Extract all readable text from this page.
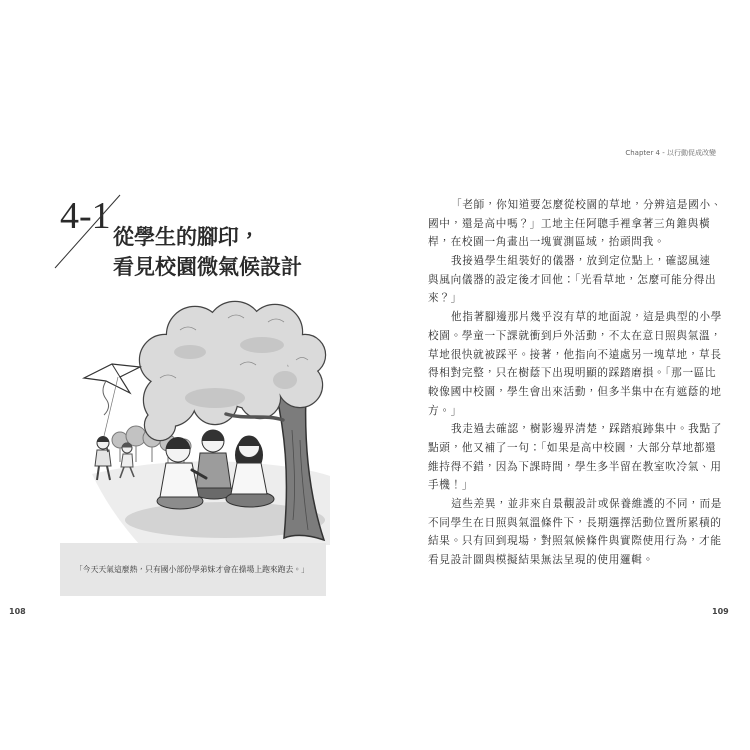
4-1 從學生的腳印，
看見校園微氣候設計
「今天天氣這麼熱，只有國小部份學弟妹才會在操場上跑來跑去。」
108
Chapter 4 - 以行動促成改變
「老師，你知道要怎麼從校園的草地，分辨這是國小、
國中，還是高中嗎？」工地主任阿聰手裡拿著三角錐與橫
桿，在校園一角畫出一塊實測區域，抬頭問我。
我接過學生組裝好的儀器，放到定位點上，確認風速
與風向儀器的設定後才回他：「光看草地，怎麼可能分得出
來？」
他指著腳邊那片幾乎沒有草的地面說，這是典型的小學
校園。學童一下課就衝到戶外活動，不太在意日照與氣溫，
草地很快就被踩平。接著，他指向不遠處另一塊草地，草長
得相對完整，只在樹蔭下出現明顯的踩踏磨損。「那一區比
較像國中校園，學生會出來活動，但多半集中在有遮蔭的地
方。」
我走過去確認，樹影邊界清楚，踩踏痕跡集中。我點了
點頭，他又補了一句：「如果是高中校園，大部分草地都還
維持得不錯，因為下課時間，學生多半留在教室吹冷氣、用
手機！」
這些差異，並非來自景觀設計或保養維護的不同，而是
不同學生在日照與氣溫條件下，長期選擇活動位置所累積的
結果。只有回到現場，對照氣候條件與實際使用行為，才能
看見設計圖與模擬結果無法呈現的使用邏輯。
109
